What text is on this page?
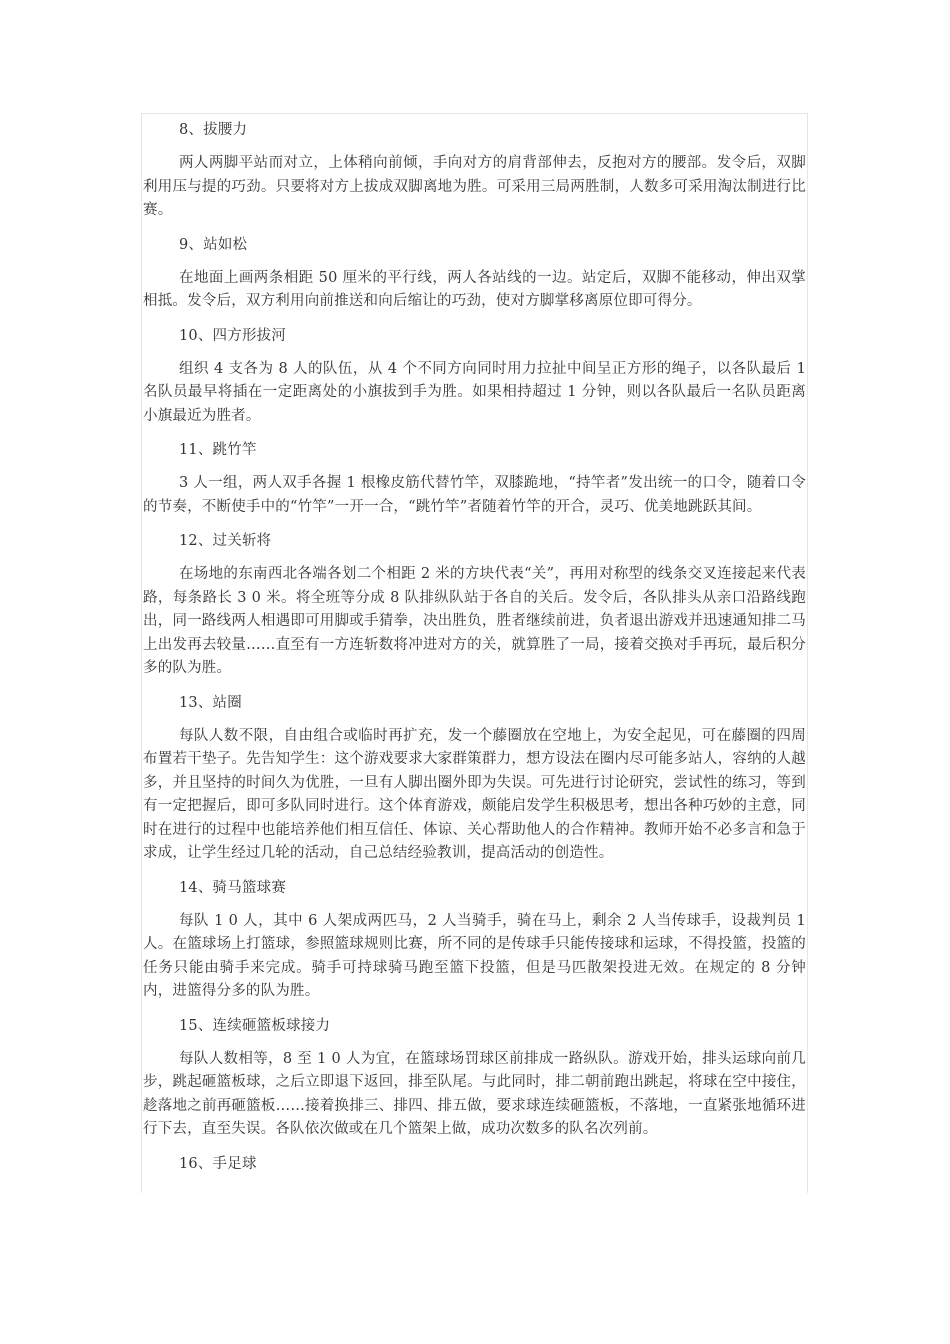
8、拔腰力

两人两脚平站而对立，上体稍向前倾，手向对方的肩背部伸去，反抱对方的腰部。发令后，双脚利用压与提的巧劲。只要将对方上拔成双脚离地为胜。可采用三局两胜制，人数多可采用淘汰制进行比赛。

9、站如松

在地面上画两条相距 50 厘米的平行线，两人各站线的一边。站定后，双脚不能移动，伸出双掌相抵。发令后，双方利用向前推送和向后缩让的巧劲，使对方脚掌移离原位即可得分。

10、四方形拔河

组织 4 支各为 8 人的队伍，从 4 个不同方向同时用力拉扯中间呈正方形的绳子，以各队最后 1 名队员最早将插在一定距离处的小旗拔到手为胜。如果相持超过 1 分钟，则以各队最后一名队员距离小旗最近为胜者。

11、跳竹竿

3 人一组，两人双手各握 1 根橡皮筋代替竹竿，双膝跪地，“持竿者”发出统一的口令，随着口令的节奏，不断使手中的“竹竿”一开一合，“跳竹竿”者随着竹竿的开合，灵巧、优美地跳跃其间。

12、过关斩将

在场地的东南西北各端各划二个相距 2 米的方块代表“关”，再用对称型的线条交叉连接起来代表路，每条路长 3 0 米。将全班等分成 8 队排纵队站于各自的关后。发令后，各队排头从亲口沿路线跑出，同一路线两人相遇即可用脚或手猜拳，决出胜负，胜者继续前进，负者退出游戏并迅速通知排二马上出发再去较量……直至有一方连斩数将冲进对方的关，就算胜了一局，接着交换对手再玩，最后积分多的队为胜。

13、站圈

每队人数不限，自由组合或临时再扩充，发一个藤圈放在空地上，为安全起见，可在藤圈的四周布置若干垫子。先告知学生：这个游戏要求大家群策群力，想方设法在圈内尽可能多站人，容纳的人越多，并且坚持的时间久为优胜，一旦有人脚出圈外即为失误。可先进行讨论研究，尝试性的练习，等到有一定把握后，即可多队同时进行。这个体育游戏，颇能启发学生积极思考，想出各种巧妙的主意，同时在进行的过程中也能培养他们相互信任、体谅、关心帮助他人的合作精神。教师开始不必多言和急于求成，让学生经过几轮的活动，自己总结经验教训，提高活动的创造性。

14、骑马篮球赛

每队 1 0 人，其中 6 人架成两匹马，2 人当骑手，骑在马上，剩余 2 人当传球手，设裁判员 1 人。在篮球场上打篮球，参照篮球规则比赛，所不同的是传球手只能传接球和运球，不得投篮，投篮的任务只能由骑手来完成。骑手可持球骑马跑至篮下投篮，但是马匹散架投进无效。在规定的 8 分钟内，进篮得分多的队为胜。

15、连续砸篮板球接力

每队人数相等，8 至 1 0 人为宜，在篮球场罚球区前排成一路纵队。游戏开始，排头运球向前几步，跳起砸篮板球，之后立即退下返回，排至队尾。与此同时，排二朝前跑出跳起，将球在空中接住，趁落地之前再砸篮板……接着换排三、排四、排五做，要求球连续砸篮板，不落地，一直紧张地循环进行下去，直至失误。各队依次做或在几个篮架上做，成功次数多的队名次列前。

16、手足球
